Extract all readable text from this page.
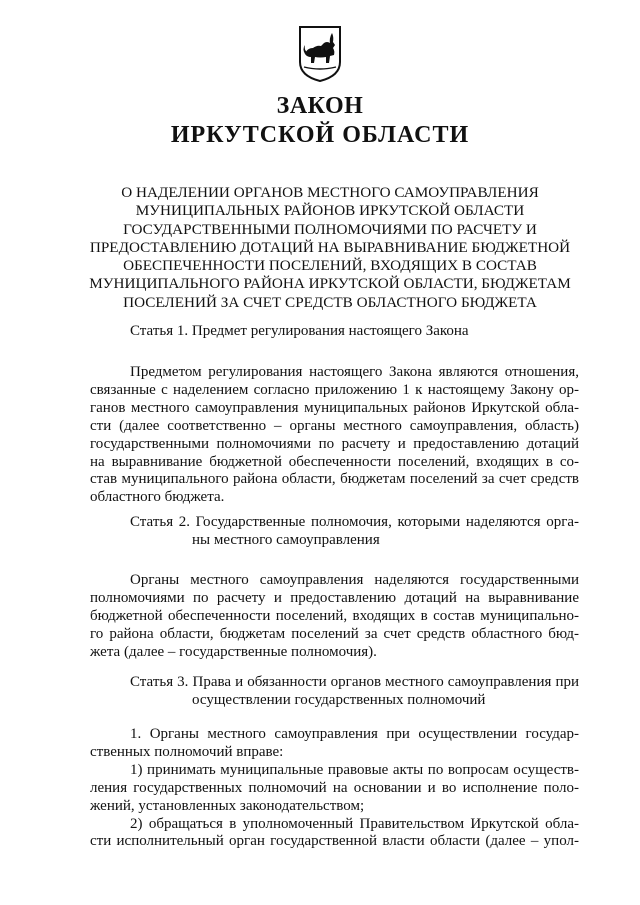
ЗАКОН
ИРКУТСКОЙ ОБЛАСТИ
О НАДЕЛЕНИИ ОРГАНОВ МЕСТНОГО САМОУПРАВЛЕНИЯ
МУНИЦИПАЛЬНЫХ РАЙОНОВ ИРКУТСКОЙ ОБЛАСТИ
ГОСУДАРСТВЕННЫМИ ПОЛНОМОЧИЯМИ ПО РАСЧЕТУ И
ПРЕДОСТАВЛЕНИЮ ДОТАЦИЙ НА ВЫРАВНИВАНИЕ БЮДЖЕТНОЙ
ОБЕСПЕЧЕННОСТИ ПОСЕЛЕНИЙ, ВХОДЯЩИХ В СОСТАВ
МУНИЦИПАЛЬНОГО РАЙОНА ИРКУТСКОЙ ОБЛАСТИ, БЮДЖЕТАМ
ПОСЕЛЕНИЙ ЗА СЧЕТ СРЕДСТВ ОБЛАСТНОГО БЮДЖЕТА
Статья 1. Предмет регулирования настоящего Закона
Предметом регулирования настоящего Закона являются отношения,
связанные с наделением согласно приложению 1 к настоящему Закону ор-
ганов местного самоуправления муниципальных районов Иркутской обла-
сти (далее соответственно – органы местного самоуправления, область)
государственными полномочиями по расчету и предоставлению дотаций
на выравнивание бюджетной обеспеченности поселений, входящих в со-
став муниципального района области, бюджетам поселений за счет средств
областного бюджета.
Статья 2. Государственные полномочия, которыми наделяются орга-
ны местного самоуправления
Органы местного самоуправления наделяются государственными
полномочиями по расчету и предоставлению дотаций на выравнивание
бюджетной обеспеченности поселений, входящих в состав муниципально-
го района области, бюджетам поселений за счет средств областного бюд-
жета (далее – государственные полномочия).
Статья 3. Права и обязанности органов местного самоуправления при
осуществлении государственных полномочий
1. Органы местного самоуправления при осуществлении государ-
ственных полномочий вправе:
1) принимать муниципальные правовые акты по вопросам осуществ-
ления государственных полномочий на основании и во исполнение поло-
жений, установленных законодательством;
2) обращаться в уполномоченный Правительством Иркутской обла-
сти исполнительный орган государственной власти области (далее – упол-
